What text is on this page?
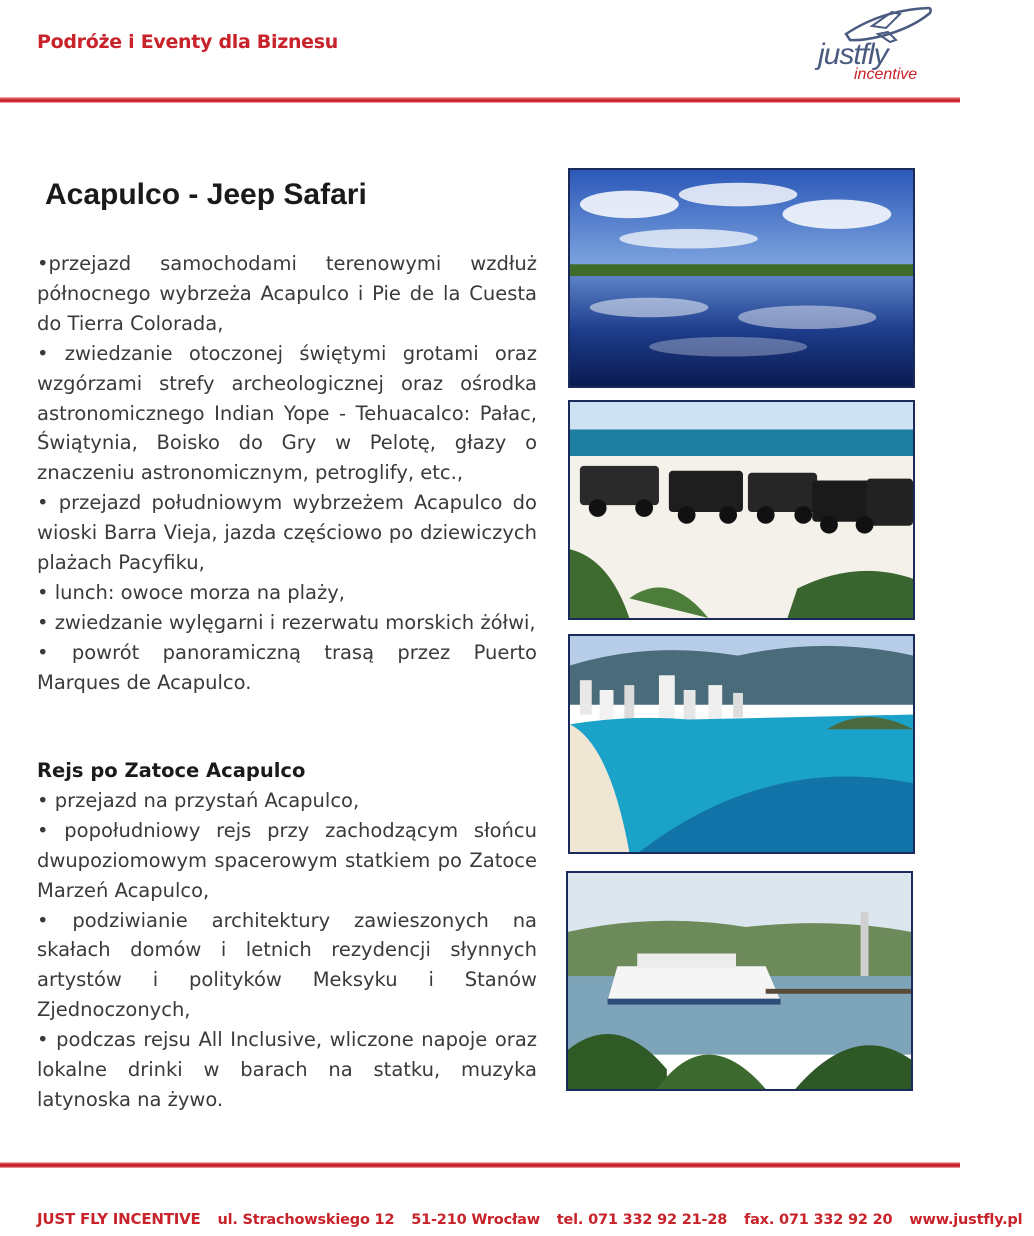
Podróże i Eventy dla Biznesu	justfly
incentive
Acapulco - Jeep Safari

•przejazd samochodami terenowymi wzdłuż północnego wybrzeża Acapulco i Pie de la Cuesta do Tierra Colorada,

• zwiedzanie otoczonej świętymi grotami oraz wzgórzami strefy archeologicznej oraz ośrodka astronomicznego Indian Yope - Tehuacalco: Pałac, Świątynia, Boisko do Gry w Pelotę, głazy o znaczeniu astronomicznym, petroglify, etc.,

• przejazd południowym wybrzeżem Acapulco do wioski Barra Vieja, jazda częściowo po dziewiczych plażach Pacyfiku,

• lunch: owoce morza na plaży,

• zwiedzanie wylęgarni i rezerwatu morskich żółwi,

• powrót panoramiczną trasą przez Puerto Marques de Acapulco.

Rejs po Zatoce Acapulco

• przejazd na przystań Acapulco,

• popołudniowy rejs przy zachodzącym słońcu dwupoziomowym spacerowym statkiem po Zatoce Marzeń Acapulco,

• podziwianie architektury zawieszonych na skałach domów i letnich rezydencji słynnych artystów i polityków Meksyku i Stanów Zjednoczonych,

• podczas rejsu All Inclusive, wliczone napoje oraz lokalne drinki w barach na statku, muzyka latynoska na żywo.

JUST FLY INCENTIVE ul. Strachowskiego 12 51-210 Wrocław tel. 071 332 92 21-28 fax. 071 332 92 20 www.justfly.pl
